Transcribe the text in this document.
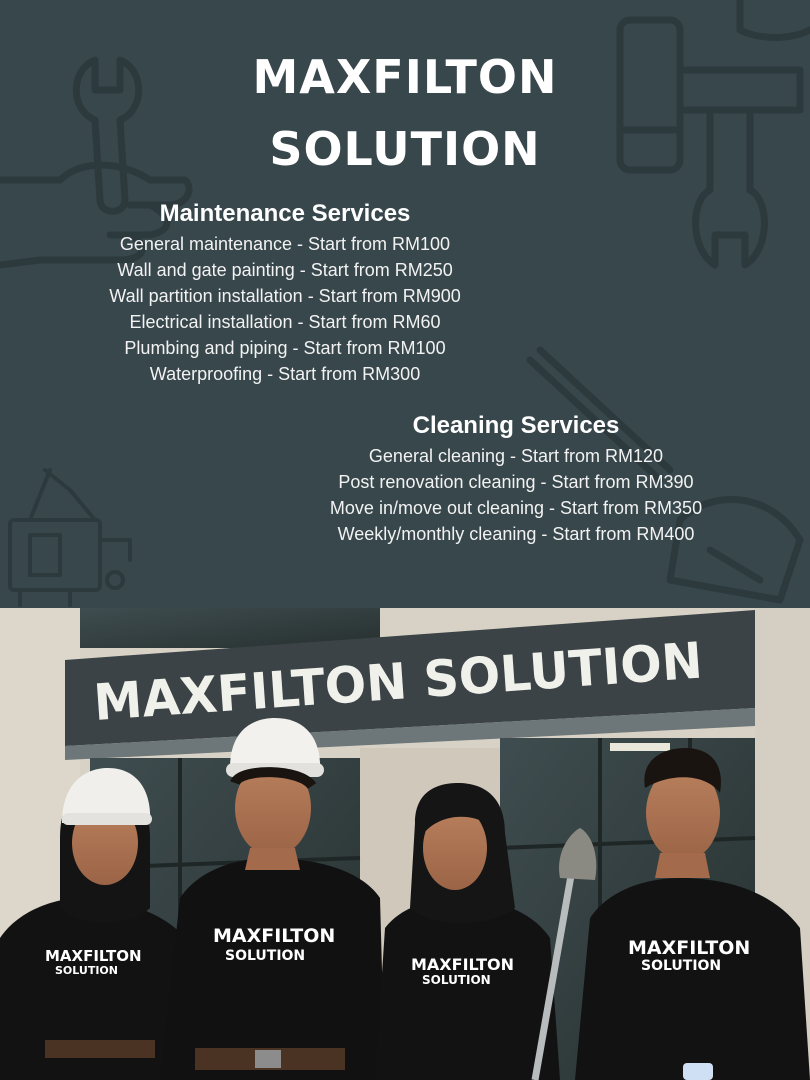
MAXFILTON
SOLUTION
Maintenance Services
General maintenance - Start from RM100
Wall and gate painting - Start from RM250
Wall partition installation - Start from RM900
Electrical installation - Start from RM60
Plumbing and piping - Start from RM100
Waterproofing - Start from RM300
Cleaning Services
General cleaning - Start from RM120
Post renovation cleaning - Start from RM390
Move in/move out cleaning - Start from RM350
Weekly/monthly cleaning - Start from RM400
MAXFILTON SOLUTION
MAXFILTON
SOLUTION
MAXFILTON
SOLUTION	MAXFILTON
SOLUTION
MAXFILTON
SOLUTION
